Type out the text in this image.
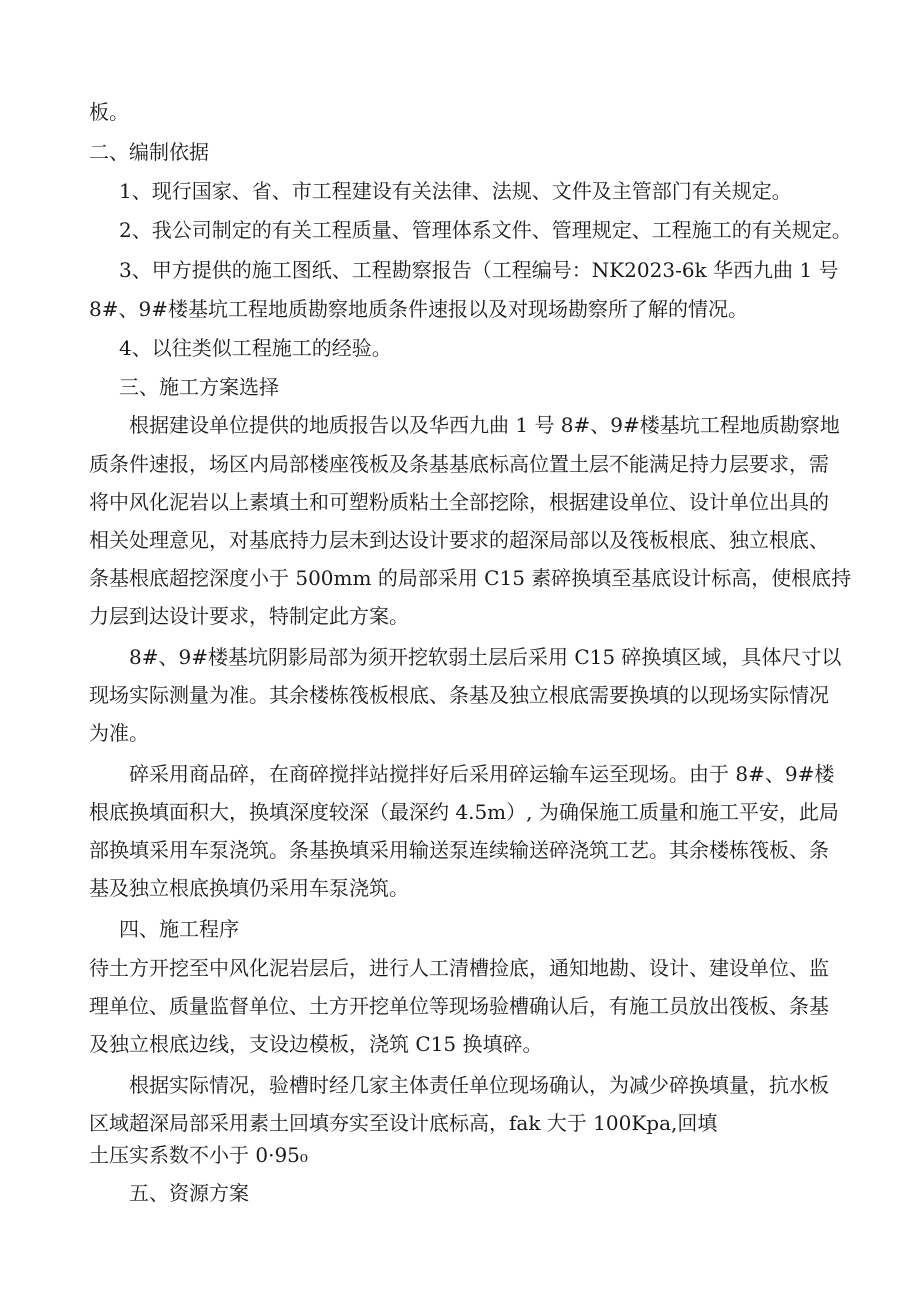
板。
二、编制依据
1、现行国家、省、市工程建设有关法律、法规、文件及主管部门有关规定。
2、我公司制定的有关工程质量、管理体系文件、管理规定、工程施工的有关规定。
3、甲方提供的施工图纸、工程勘察报告（工程编号：NK2023-6k 华西九曲 1 号
8#、9#楼基坑工程地质勘察地质条件速报以及对现场勘察所了解的情况。
4、以往类似工程施工的经验。
三、施工方案选择
根据建设单位提供的地质报告以及华西九曲 1 号 8#、9#楼基坑工程地质勘察地
质条件速报，场区内局部楼座筏板及条基基底标高位置土层不能满足持力层要求，需
将中风化泥岩以上素填土和可塑粉质粘土全部挖除，根据建设单位、设计单位出具的
相关处理意见，对基底持力层未到达设计要求的超深局部以及筏板根底、独立根底、
条基根底超挖深度小于 500mm 的局部采用 C15 素碎换填至基底设计标高，使根底持
力层到达设计要求，特制定此方案。
8#、9#楼基坑阴影局部为须开挖软弱土层后采用 C15 碎换填区域，具体尺寸以
现场实际测量为准。其余楼栋筏板根底、条基及独立根底需要换填的以现场实际情况
为准。
碎采用商品碎，在商碎搅拌站搅拌好后采用碎运输车运至现场。由于 8#、9#楼
根底换填面积大，换填深度较深（最深约 4.5m）, 为确保施工质量和施工平安，此局
部换填采用车泵浇筑。条基换填采用输送泵连续输送碎浇筑工艺。其余楼栋筏板、条
基及独立根底换填仍采用车泵浇筑。
四、施工程序
待土方开挖至中风化泥岩层后，进行人工清槽捡底，通知地勘、设计、建设单位、监
理单位、质量监督单位、土方开挖单位等现场验槽确认后，有施工员放出筏板、条基
及独立根底边线，支设边模板，浇筑 C15 换填碎。
根据实际情况，验槽时经几家主体责任单位现场确认，为减少碎换填量，抗水板
区域超深局部采用素土回填夯实至设计底标高，fak 大于 100Kpa,回填
土压实系数不小于 0·95₀
五、资源方案
